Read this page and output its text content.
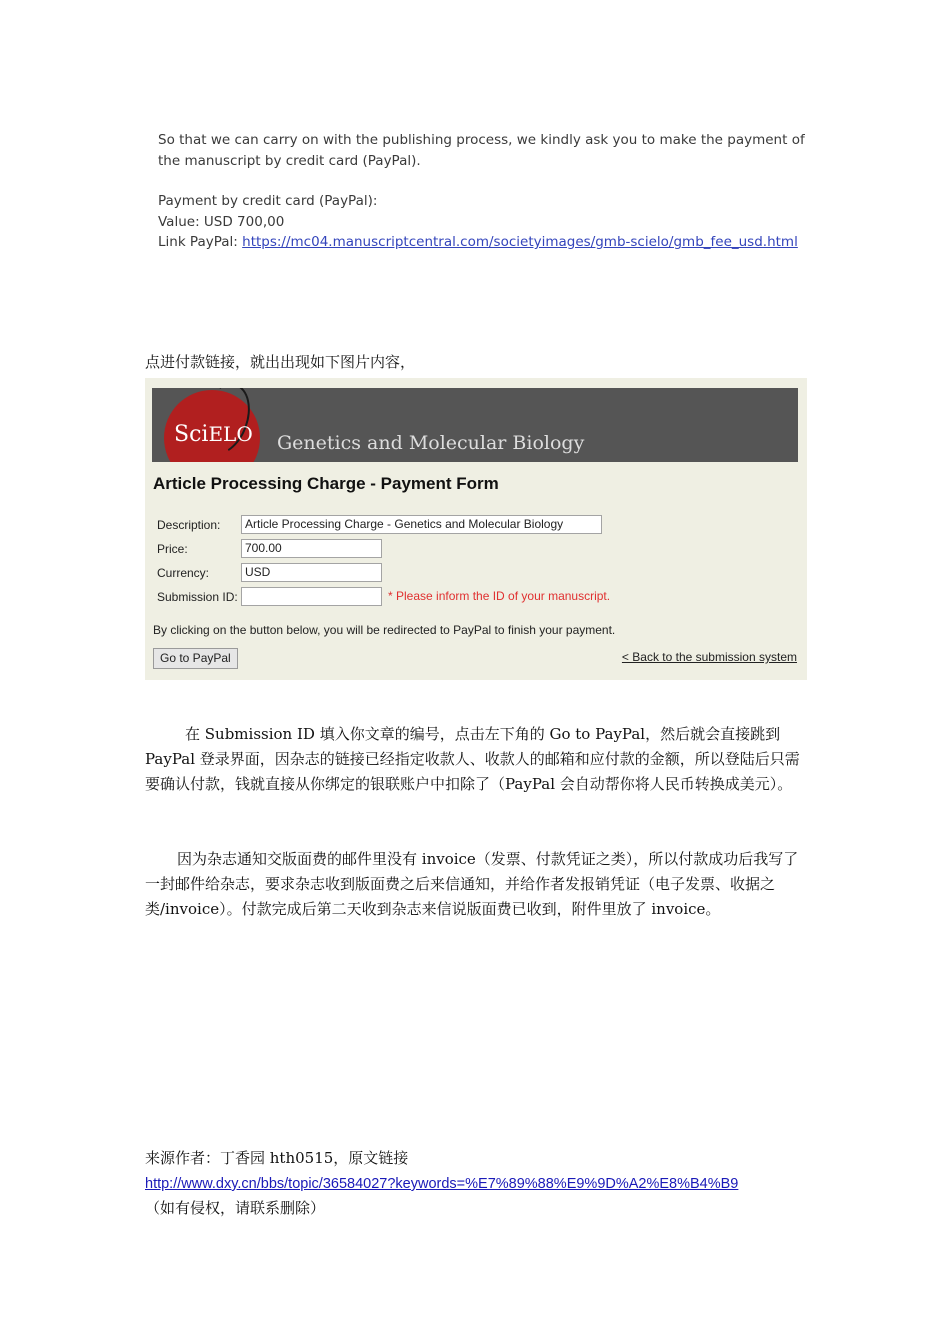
So that we can carry on with the publishing process, we kindly ask you to make the payment of the manuscript by credit card (PayPal).

Payment by credit card (PayPal):

Value: USD 700,00

Link PayPal: https://mc04.manuscriptcentral.com/societyimages/gmb-scielo/gmb_fee_usd.html

点进付款链接，就出出现如下图片内容，

SciELO Genetics and Molecular Biology
Article Processing Charge - Payment Form
Description:	Article Processing Charge - Genetics and Molecular Biology
Price:	700.00
Currency:	USD
Submission ID:	* Please inform the ID of your manuscript.
By clicking on the button below, you will be redirected to PayPal to finish your payment.
Go to PayPal	< Back to the submission system

在 Submission ID 填入你文章的编号，点击左下角的 Go to PayPal，然后就会直接跳到 PayPal 登录界面，因杂志的链接已经指定收款人、收款人的邮箱和应付款的金额，所以登陆后只需要确认付款，钱就直接从你绑定的银联账户中扣除了（PayPal 会自动帮你将人民币转换成美元）。

因为杂志通知交版面费的邮件里没有 invoice（发票、付款凭证之类），所以付款成功后我写了一封邮件给杂志，要求杂志收到版面费之后来信通知，并给作者发报销凭证（电子发票、收据之类/invoice）。付款完成后第二天收到杂志来信说版面费已收到，附件里放了 invoice。

来源作者：丁香园 hth0515，原文链接

http://www.dxy.cn/bbs/topic/36584027?keywords=%E7%89%88%E9%9D%A2%E8%B4%B9

（如有侵权，请联系删除）
